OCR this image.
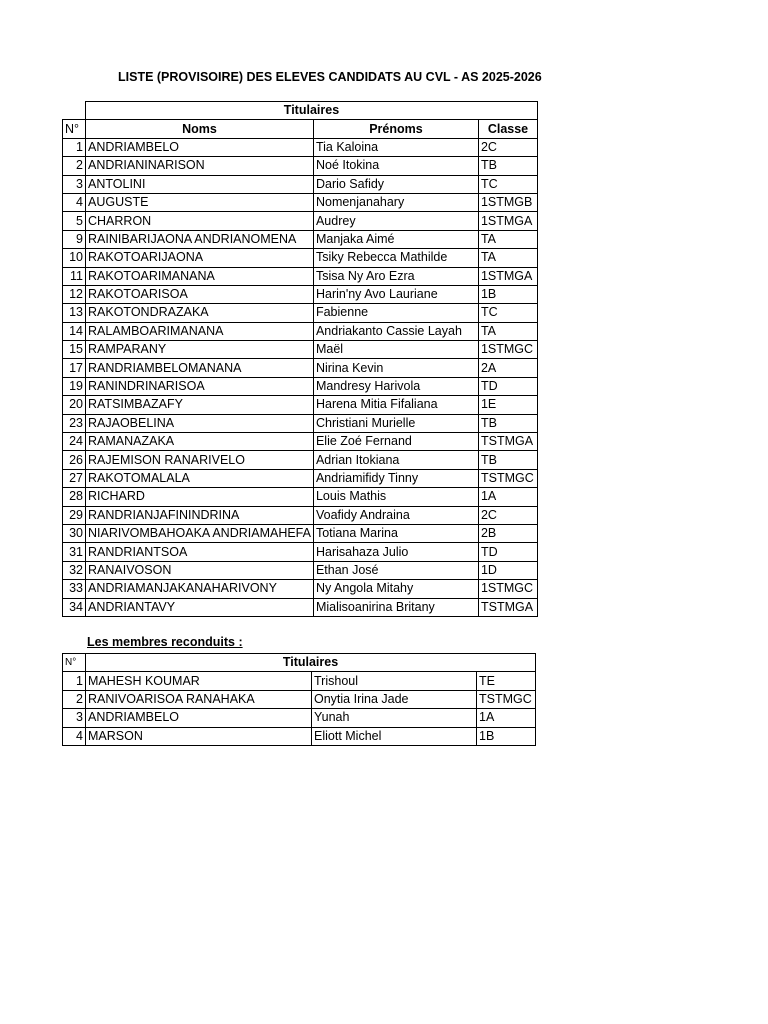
LISTE (PROVISOIRE) DES ELEVES CANDIDATS AU CVL - AS 2025-2026
	Titulaires		
N°	Noms	Prénoms	Classe
1	ANDRIAMBELO	Tia Kaloina	2C
2	ANDRIANINARISON	Noé Itokina	TB
3	ANTOLINI	Dario Safidy	TC
4	AUGUSTE	Nomenjanahary	1STMGB
5	CHARRON	Audrey	1STMGA
9	RAINIBARIJAONA ANDRIANOMENA	Manjaka Aimé	TA
10	RAKOTOARIJAONA	Tsiky Rebecca Mathilde	TA
11	RAKOTOARIMANANA	Tsisa Ny Aro Ezra	1STMGA
12	RAKOTOARISOA	Harin'ny Avo Lauriane	1B
13	RAKOTONDRAZAKA	Fabienne	TC
14	RALAMBOARIMANANA	Andriakanto Cassie Layah	TA
15	RAMPARANY	Maël	1STMGC
17	RANDRIAMBELOMANANA	Nirina Kevin	2A
19	RANINDRINARISOA	Mandresy Harivola	TD
20	RATSIMBAZAFY	Harena Mitia Fifaliana	1E
23	RAJAOBELINA	Christiani Murielle	TB
24	RAMANAZAKA	Elie Zoé Fernand	TSTMGA
26	RAJEMISON RANARIVELO	Adrian Itokiana	TB
27	RAKOTOMALALA	Andriamifidy Tinny	TSTMGC
28	RICHARD	Louis Mathis	1A
29	RANDRIANJAFININDRINA	Voafidy Andraina	2C
30	NIARIVOMBAHOAKA ANDRIAMAHEFA	Totiana Marina	2B
31	RANDRIANTSOA	Harisahaza Julio	TD
32	RANAIVOSON	Ethan José	1D
33	ANDRIAMANJAKANAHARIVONY	Ny Angola Mitahy	1STMGC
34	ANDRIANTAVY	Mialisoanirina Britany	TSTMGA
Les membres reconduits :
N°	Titulaires		
1	MAHESH KOUMAR	Trishoul	TE
2	RANIVOARISOA RANAHAKA	Onytia Irina Jade	TSTMGC
3	ANDRIAMBELO	Yunah	1A
4	MARSON	Eliott Michel	1B
